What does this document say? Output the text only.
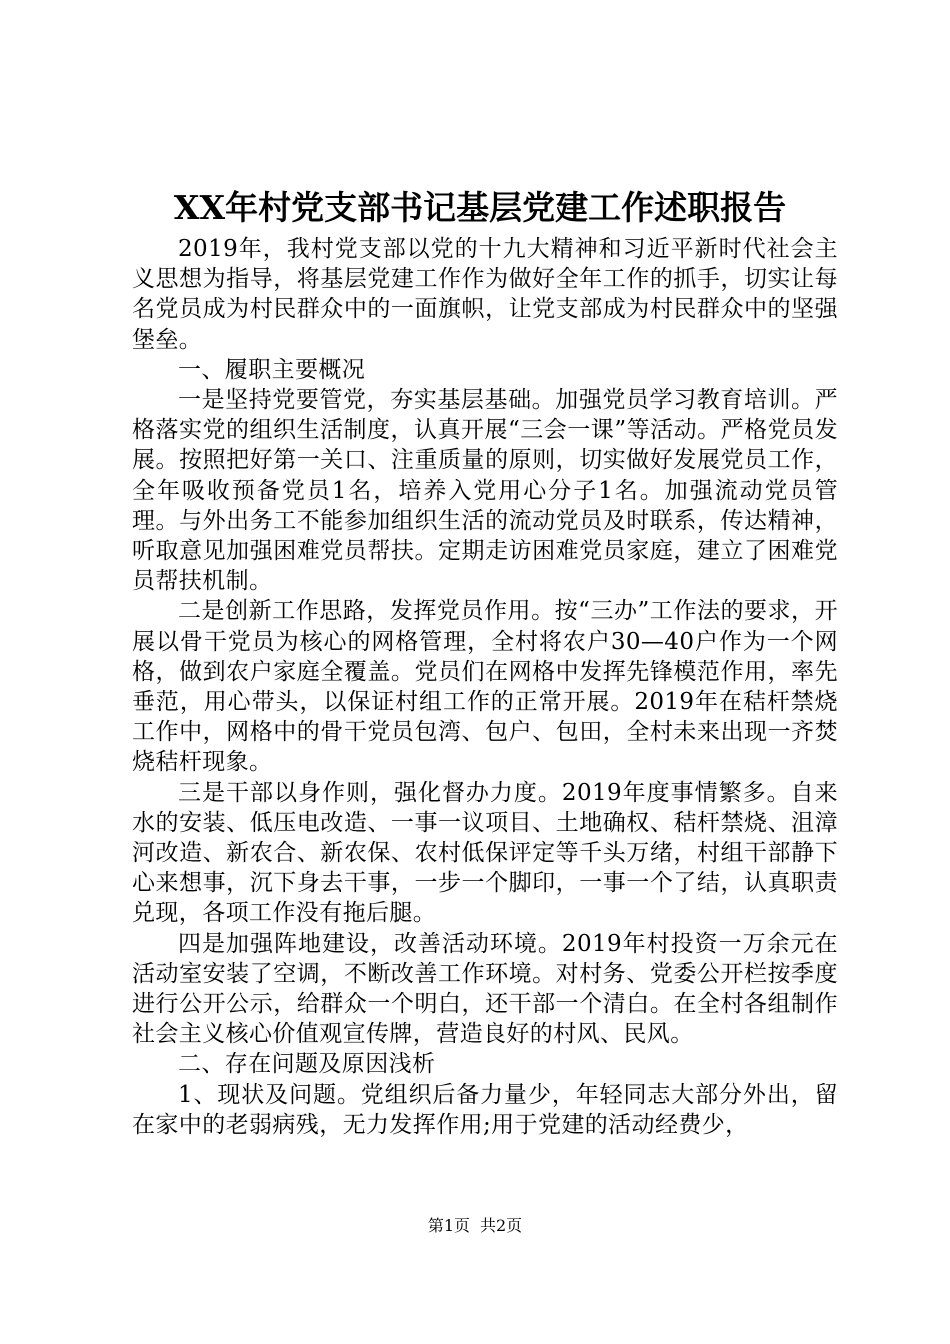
XX年村党支部书记基层党建工作述职报告

2019年，我村党支部以党的十九大精神和习近平新时代社会主义思想为指导，将基层党建工作作为做好全年工作的抓手，切实让每名党员成为村民群众中的一面旗帜，让党支部成为村民群众中的坚强堡垒。

一、履职主要概况

一是坚持党要管党，夯实基层基础。加强党员学习教育培训。严格落实党的组织生活制度，认真开展“三会一课”等活动。严格党员发展。按照把好第一关口、注重质量的原则，切实做好发展党员工作，全年吸收预备党员1名，培养入党用心分子1名。加强流动党员管理。与外出务工不能参加组织生活的流动党员及时联系，传达精神，听取意见加强困难党员帮扶。定期走访困难党员家庭，建立了困难党员帮扶机制。

二是创新工作思路，发挥党员作用。按“三办”工作法的要求，开展以骨干党员为核心的网格管理，全村将农户30—40户作为一个网格，做到农户家庭全覆盖。党员们在网格中发挥先锋模范作用，率先垂范，用心带头，以保证村组工作的正常开展。2019年在秸杆禁烧工作中，网格中的骨干党员包湾、包户、包田，全村未来出现一齐焚烧秸杆现象。

三是干部以身作则，强化督办力度。2019年度事情繁多。自来水的安装、低压电改造、一事一议项目、土地确权、秸杆禁烧、沮漳河改造、新农合、新农保、农村低保评定等千头万绪，村组干部静下心来想事，沉下身去干事，一步一个脚印，一事一个了结，认真职责兑现，各项工作没有拖后腿。

四是加强阵地建设，改善活动环境。2019年村投资一万余元在活动室安装了空调，不断改善工作环境。对村务、党委公开栏按季度进行公开公示，给群众一个明白，还干部一个清白。在全村各组制作社会主义核心价值观宣传牌，营造良好的村风、民风。

二、存在问题及原因浅析

1、现状及问题。党组织后备力量少，年轻同志大部分外出，留在家中的老弱病残，无力发挥作用;用于党建的活动经费少，

第1页 共2页
